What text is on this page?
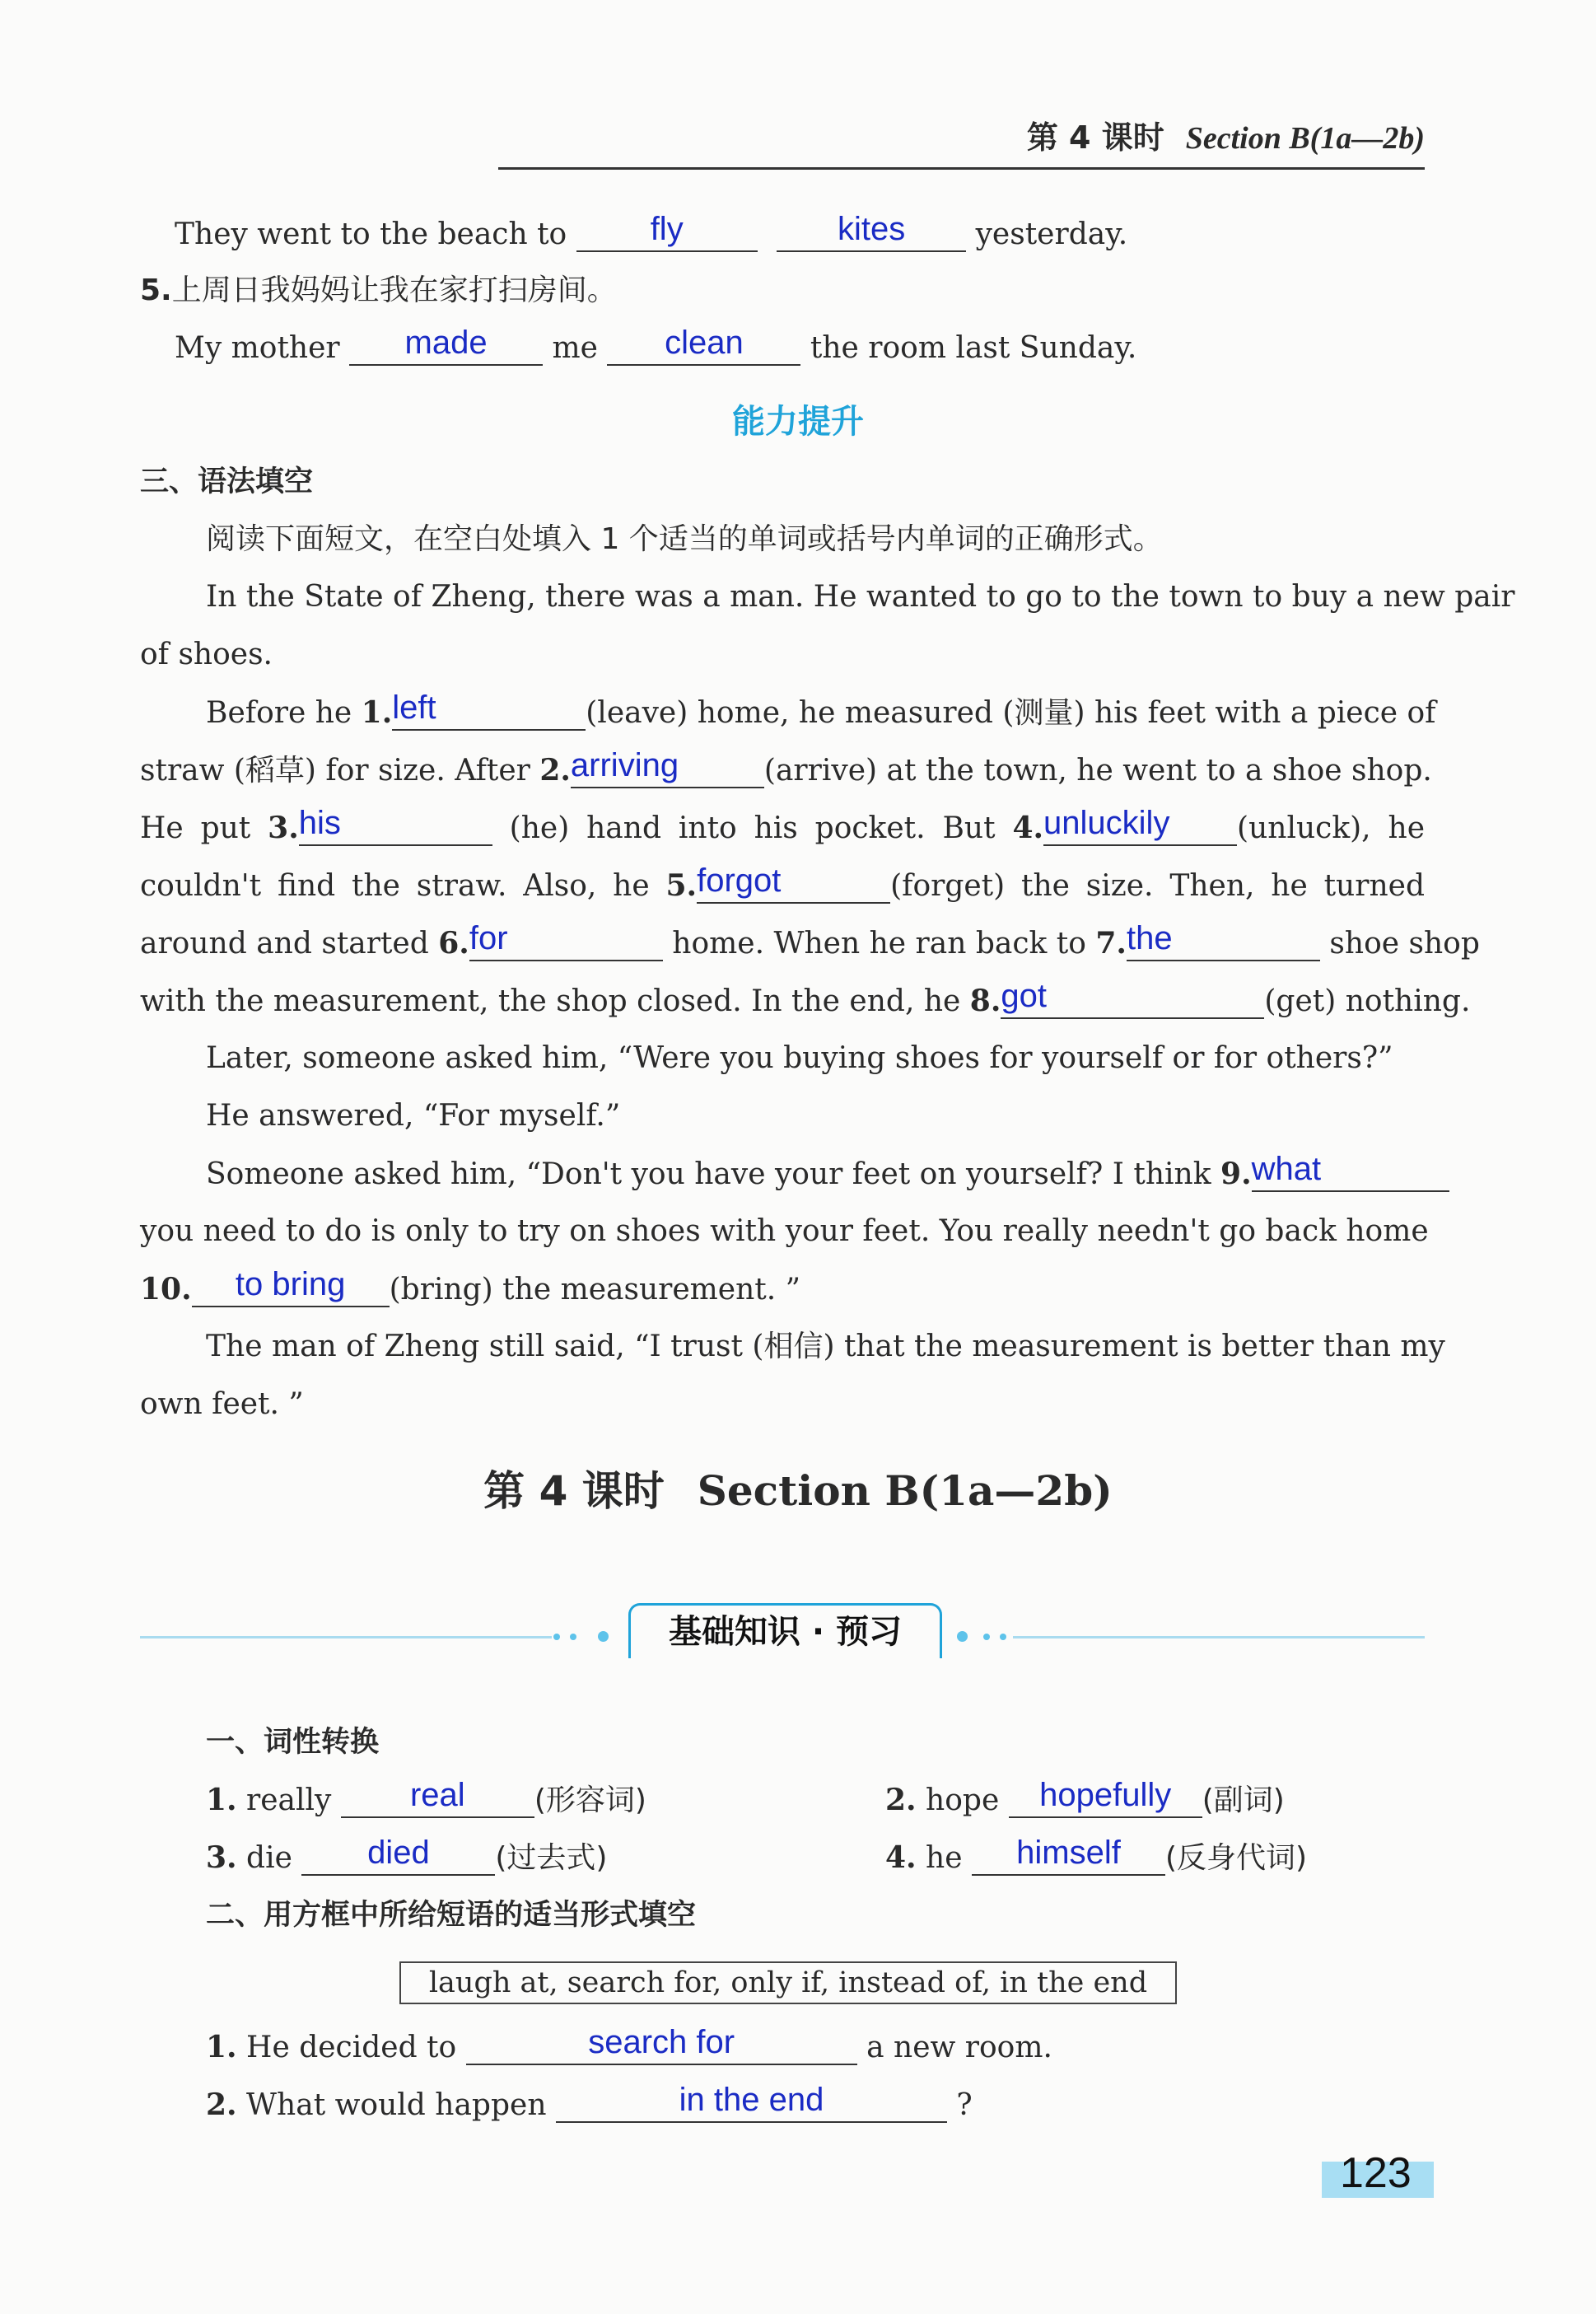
第 4 课时 Section B(1a—2b)
They went to the beach to	fly
	kites	yesterday.
5.上周日我妈妈让我在家打扫房间。
My mother	made	me	clean	the room last Sunday.
能力提升
三、语法填空
阅读下面短文，在空白处填入 1 个适当的单词或括号内单词的正确形式。
In the State of Zheng, there was a man. He wanted to go to the town to buy a new pair
of shoes.
Before he 1. left	(leave) home, he measured (测量) his feet with a piece of
straw (稻草) for size. After 2. arriving	(arrive) at the town, he went to a shoe shop.
He put 3. his	(he) hand into his pocket. But 4. unluckily	(unluck), he
couldn't find the straw. Also, he 5. forgot	(forget) the size. Then, he turned
around and started 6. for	home. When he ran back to 7. the	shoe shop
with the measurement, the shop closed. In the end, he 8. got	(get) nothing.
Later, someone asked him, “Were you buying shoes for yourself or for others?”
He answered, “For myself.”
Someone asked him, “Don't you have your feet on yourself? I think 9. what
you need to do is only to try on shoes with your feet. You really needn't go back home
10.	to bring	(bring) the measurement. ”
The man of Zheng still said, “I trust (相信) that the measurement is better than my
own feet. ”
第 4 课时 Section B(1a—2b)
基础知识 · 预习
一、词性转换
1. really	real	(形容词)	2. hope	hopefully	(副词)
3. die	died	(过去式)	4. he	himself	(反身代词)
二、用方框中所给短语的适当形式填空
laugh at, search for, only if, instead of, in the end
1. He decided to	search for	a new room.
2. What would happen	in the end	?
123
